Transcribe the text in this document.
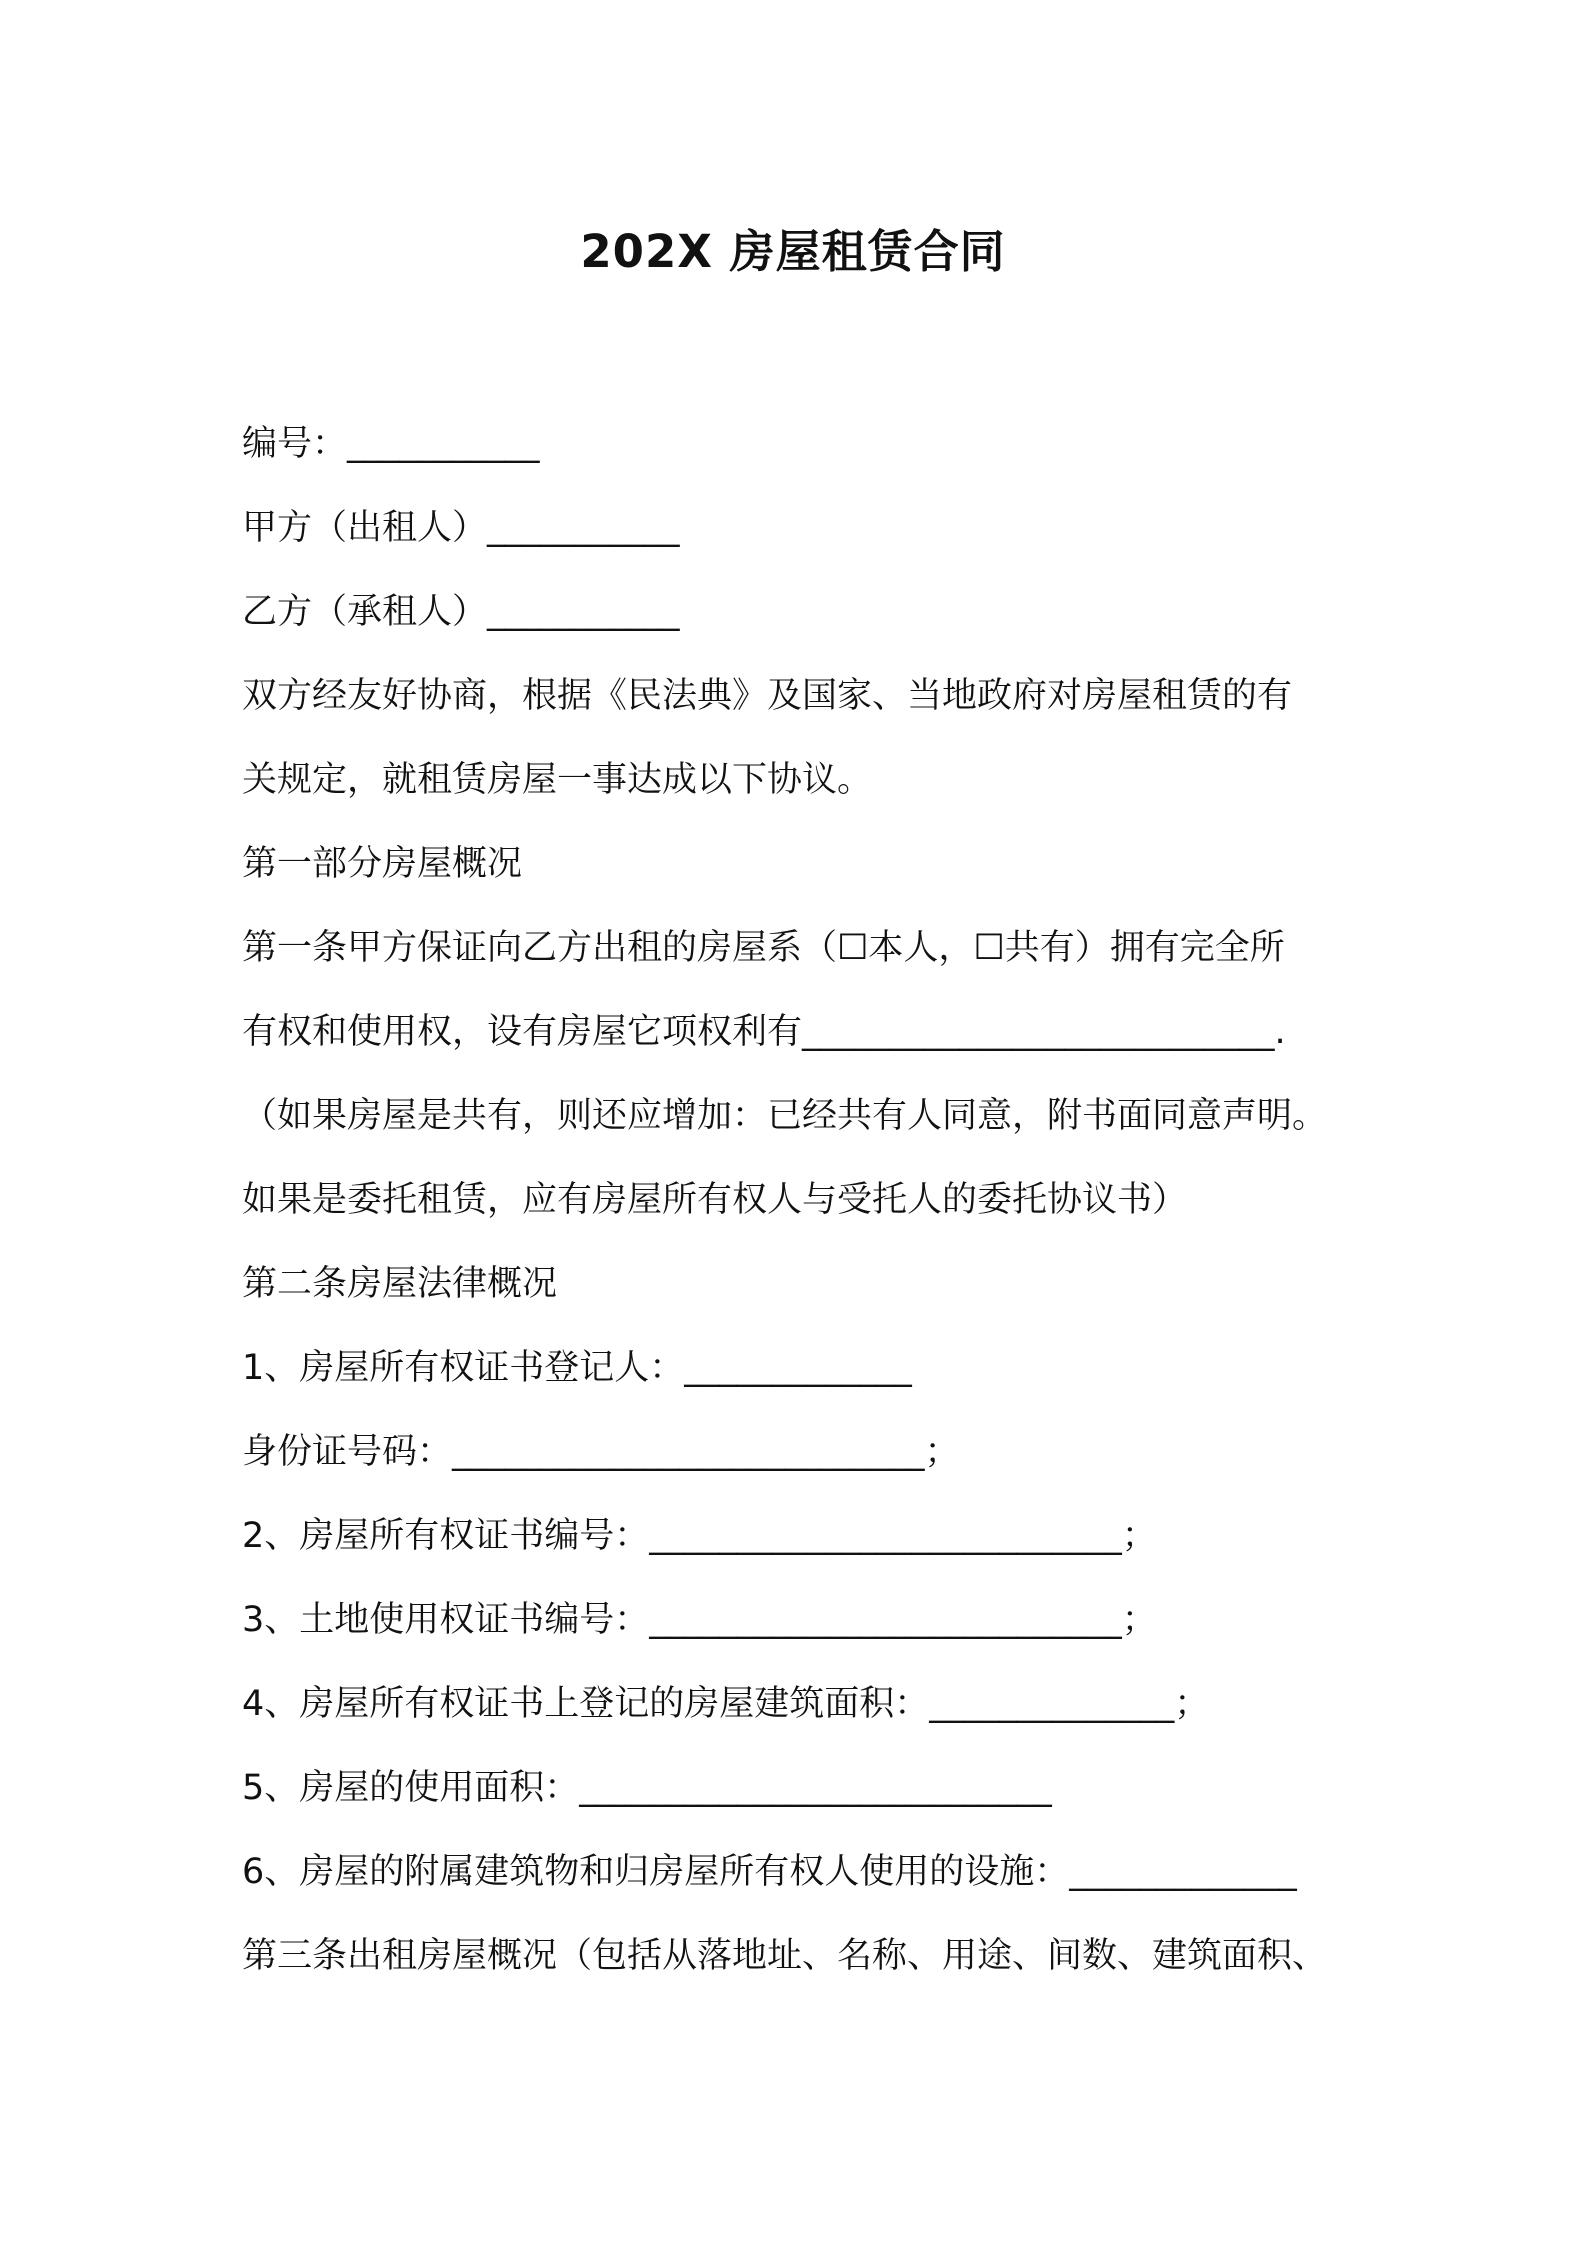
202X 房屋租赁合同
编号：___________
甲方（出租人）___________
乙方（承租人）___________
双方经友好协商，根据《民法典》及国家、当地政府对房屋租赁的有
关规定，就租赁房屋一事达成以下协议。
第一部分房屋概况
第一条甲方保证向乙方出租的房屋系（☐本人，☐共有）拥有完全所
有权和使用权，设有房屋它项权利有___________________________.
（如果房屋是共有，则还应增加：已经共有人同意，附书面同意声明。
如果是委托租赁，应有房屋所有权人与受托人的委托协议书）
第二条房屋法律概况
1、房屋所有权证书登记人：_____________
身份证号码：___________________________；
2、房屋所有权证书编号：___________________________；
3、土地使用权证书编号：___________________________；
4、房屋所有权证书上登记的房屋建筑面积：______________；
5、房屋的使用面积：___________________________
6、房屋的附属建筑物和归房屋所有权人使用的设施：_____________
第三条出租房屋概况（包括从落地址、名称、用途、间数、建筑面积、
